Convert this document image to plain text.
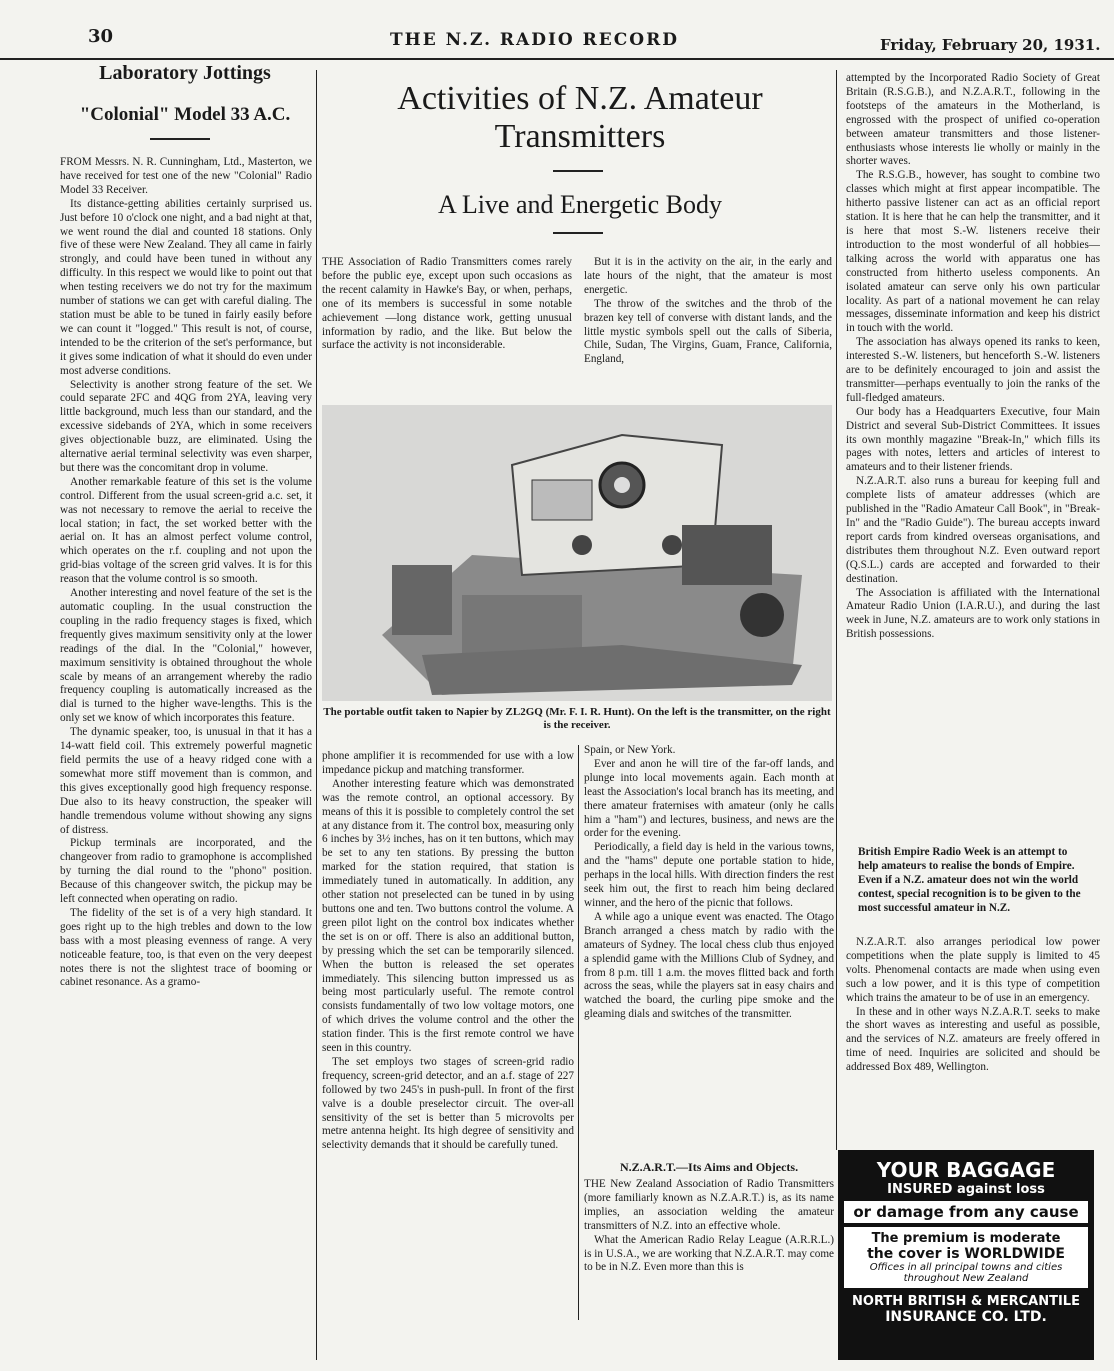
30	THE N.Z. RADIO RECORD	Friday, February 20, 1931.
Laboratory Jottings
"Colonial" Model 33 A.C.

FROM Messrs. N. R. Cunningham, Ltd., Masterton, we have received for test one of the new "Colonial" Radio Model 33 Receiver.

Its distance-getting abilities certainly surprised us. Just before 10 o'clock one night, and a bad night at that, we went round the dial and counted 18 stations. Only five of these were New Zealand. They all came in fairly strongly, and could have been tuned in without any difficulty. In this respect we would like to point out that when testing receivers we do not try for the maximum number of stations we can get with careful dialing. The station must be able to be tuned in fairly easily before we can count it "logged." This result is not, of course, intended to be the criterion of the set's performance, but it gives some indication of what it should do even under most adverse conditions.

Selectivity is another strong feature of the set. We could separate 2FC and 4QG from 2YA, leaving very little background, much less than our standard, and the excessive sidebands of 2YA, which in some receivers gives objectionable buzz, are eliminated. Using the alternative aerial terminal selectivity was even sharper, but there was the concomitant drop in volume.

Another remarkable feature of this set is the volume control. Different from the usual screen-grid a.c. set, it was not necessary to remove the aerial to receive the local station; in fact, the set worked better with the aerial on. It has an almost perfect volume control, which operates on the r.f. coupling and not upon the grid-bias voltage of the screen grid valves. It is for this reason that the volume control is so smooth.

Another interesting and novel feature of the set is the automatic coupling. In the usual construction the coupling in the radio frequency stages is fixed, which frequently gives maximum sensitivity only at the lower readings of the dial. In the "Colonial," however, maximum sensitivity is obtained throughout the whole scale by means of an arrangement whereby the radio frequency coupling is automatically increased as the dial is turned to the higher wave-lengths. This is the only set we know of which incorporates this feature.

The dynamic speaker, too, is unusual in that it has a 14-watt field coil. This extremely powerful magnetic field permits the use of a heavy ridged cone with a somewhat more stiff movement than is common, and this gives exceptionally good high frequency response. Due also to its heavy construction, the speaker will handle tremendous volume without showing any signs of distress.

Pickup terminals are incorporated, and the changeover from radio to gramophone is accomplished by turning the dial round to the "phono" position. Because of this changeover switch, the pickup may be left connected when operating on radio.

The fidelity of the set is of a very high standard. It goes right up to the high trebles and down to the low bass with a most pleasing evenness of range. A very noticeable feature, too, is that even on the very deepest notes there is not the slightest trace of booming or cabinet resonance. As a gramo-

Activities of N.Z. Amateur Transmitters
A Live and Energetic Body

THE Association of Radio Transmitters comes rarely before the public eye, except upon such occasions as the recent calamity in Hawke's Bay, or when, perhaps, one of its members is successful in some notable achievement —long distance work, getting unusual information by radio, and the like. But below the surface the activity is not inconsiderable.

But it is in the activity on the air, in the early and late hours of the night, that the amateur is most energetic.

The throw of the switches and the throb of the brazen key tell of converse with distant lands, and the little mystic symbols spell out the calls of Siberia, Chile, Sudan, The Virgins, Guam, France, California, England,

The portable outfit taken to Napier by ZL2GQ (Mr. F. I. R. Hunt). On the left is the transmitter, on the right is the receiver.

phone amplifier it is recommended for use with a low impedance pickup and matching transformer.

Another interesting feature which was demonstrated was the remote control, an optional accessory. By means of this it is possible to completely control the set at any distance from it. The control box, measuring only 6 inches by 3½ inches, has on it ten buttons, which may be set to any ten stations. By pressing the button marked for the station required, that station is immediately tuned in automatically. In addition, any other station not preselected can be tuned in by using buttons one and ten. Two buttons control the volume. A green pilot light on the control box indicates whether the set is on or off. There is also an additional button, by pressing which the set can be temporarily silenced. When the button is released the set operates immediately. This silencing button impressed us as being most particularly useful. The remote control consists fundamentally of two low voltage motors, one of which drives the volume control and the other the station finder. This is the first remote control we have seen in this country.

The set employs two stages of screen-grid radio frequency, screen-grid detector, and an a.f. stage of 227 followed by two 245's in push-pull. In front of the first valve is a double preselector circuit. The over-all sensitivity of the set is better than 5 microvolts per metre antenna height. Its high degree of sensitivity and selectivity demands that it should be carefully tuned.

Spain, or New York.

Ever and anon he will tire of the far-off lands, and plunge into local movements again. Each month at least the Association's local branch has its meeting, and there amateur fraternises with amateur (only he calls him a "ham") and lectures, business, and news are the order for the evening.

Periodically, a field day is held in the various towns, and the "hams" depute one portable station to hide, perhaps in the local hills. With direction finders the rest seek him out, the first to reach him being declared winner, and the hero of the picnic that follows.

A while ago a unique event was enacted. The Otago Branch arranged a chess match by radio with the amateurs of Sydney. The local chess club thus enjoyed a splendid game with the Millions Club of Sydney, and from 8 p.m. till 1 a.m. the moves flitted back and forth across the seas, while the players sat in easy chairs and watched the board, the curling pipe smoke and the gleaming dials and switches of the transmitter.

N.Z.A.R.T.—Its Aims and Objects.

THE New Zealand Association of Radio Transmitters (more familiarly known as N.Z.A.R.T.) is, as its name implies, an association welding the amateur transmitters of N.Z. into an effective whole.

What the American Radio Relay League (A.R.R.L.) is in U.S.A., we are working that N.Z.A.R.T. may come to be in N.Z. Even more than this is

attempted by the Incorporated Radio Society of Great Britain (R.S.G.B.), and N.Z.A.R.T., following in the footsteps of the amateurs in the Motherland, is engrossed with the prospect of unified co-operation between amateur transmitters and those listener-enthusiasts whose interests lie wholly or mainly in the shorter waves.

The R.S.G.B., however, has sought to combine two classes which might at first appear incompatible. The hitherto passive listener can act as an official report station. It is here that he can help the transmitter, and it is here that most S.-W. listeners receive their introduction to the most wonderful of all hobbies—talking across the world with apparatus one has constructed from hitherto useless components. An isolated amateur can serve only his own particular locality. As part of a national movement he can relay messages, disseminate information and keep his district in touch with the world.

The association has always opened its ranks to keen, interested S.-W. listeners, but henceforth S.-W. listeners are to be definitely encouraged to join and assist the transmitter—perhaps eventually to join the ranks of the full-fledged amateurs.

Our body has a Headquarters Executive, four Main District and several Sub-District Committees. It issues its own monthly magazine "Break-In," which fills its pages with notes, letters and articles of interest to amateurs and to their listener friends.

N.Z.A.R.T. also runs a bureau for keeping full and complete lists of amateur addresses (which are published in the "Radio Amateur Call Book", in "Break-In" and the "Radio Guide"). The bureau accepts inward report cards from kindred overseas organisations, and distributes them throughout N.Z. Even outward report (Q.S.L.) cards are accepted and forwarded to their destination.

The Association is affiliated with the International Amateur Radio Union (I.A.R.U.), and during the last week in June, N.Z. amateurs are to work only stations in British possessions.

British Empire Radio Week is an attempt to help amateurs to realise the bonds of Empire. Even if a N.Z. amateur does not win the world contest, special recognition is to be given to the most successful amateur in N.Z.

N.Z.A.R.T. also arranges periodical low power competitions when the plate supply is limited to 45 volts. Phenomenal contacts are made when using even such a low power, and it is this type of competition which trains the amateur to be of use in an emergency.

In these and in other ways N.Z.A.R.T. seeks to make the short waves as interesting and useful as possible, and the services of N.Z. amateurs are freely offered in time of need. Inquiries are solicited and should be addressed Box 489, Wellington.

YOUR BAGGAGE
INSURED against loss
or damage from any cause
The premium is moderate
the cover is WORLDWIDE
Offices in all principal towns and cities throughout New Zealand
NORTH BRITISH & MERCANTILE
INSURANCE CO. LTD.
